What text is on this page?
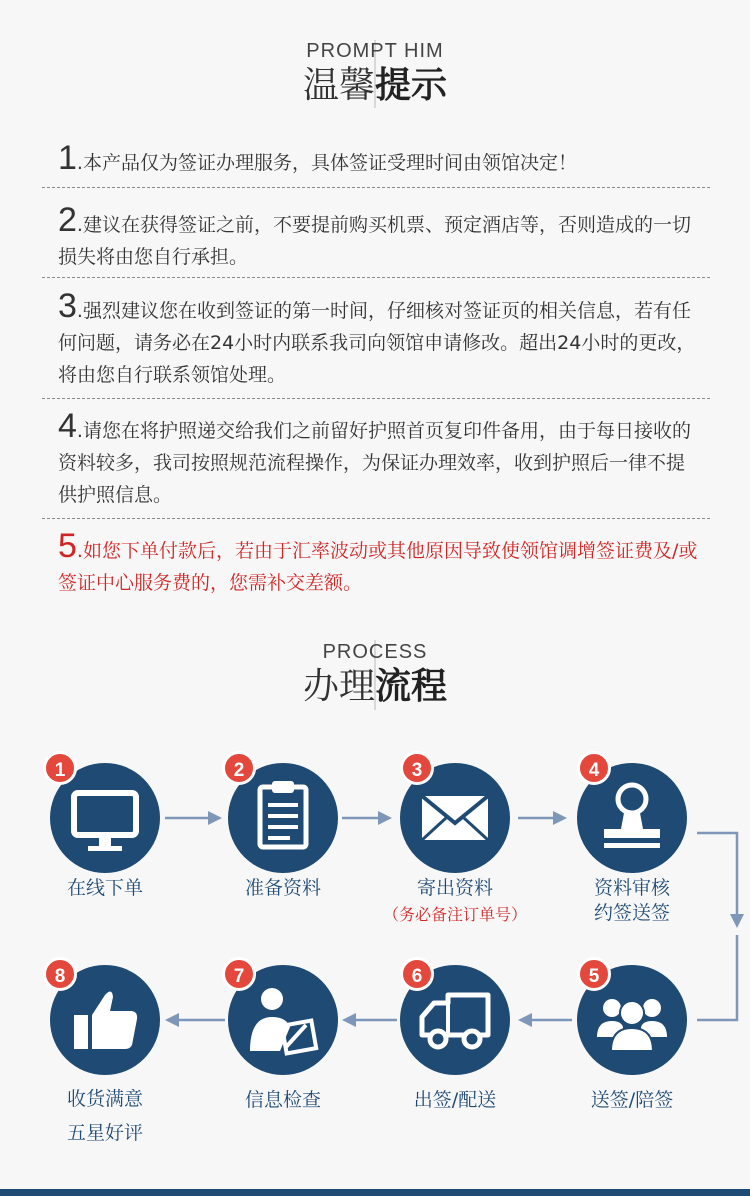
PROMPT HIM
温馨提示
1.本产品仅为签证办理服务，具体签证受理时间由领馆决定！
2.建议在获得签证之前，不要提前购买机票、预定酒店等，否则造成的一切损失将由您自行承担。
3.强烈建议您在收到签证的第一时间，仔细核对签证页的相关信息，若有任何问题，请务必在24小时内联系我司向领馆申请修改。超出24小时的更改，将由您自行联系领馆处理。
4.请您在将护照递交给我们之前留好护照首页复印件备用，由于每日接收的资料较多，我司按照规范流程操作，为保证办理效率，收到护照后一律不提供护照信息。
5.如您下单付款后，若由于汇率波动或其他原因导致使领馆调增签证费及/或签证中心服务费的，您需补交差额。
PROCESS
办理流程
1
在线下单
2
准备资料
3
寄出资料
（务必备注订单号）
4
资料审核
约签送签
5
送签/陪签
6
出签/配送
7
信息检查
8
收货满意
五星好评
